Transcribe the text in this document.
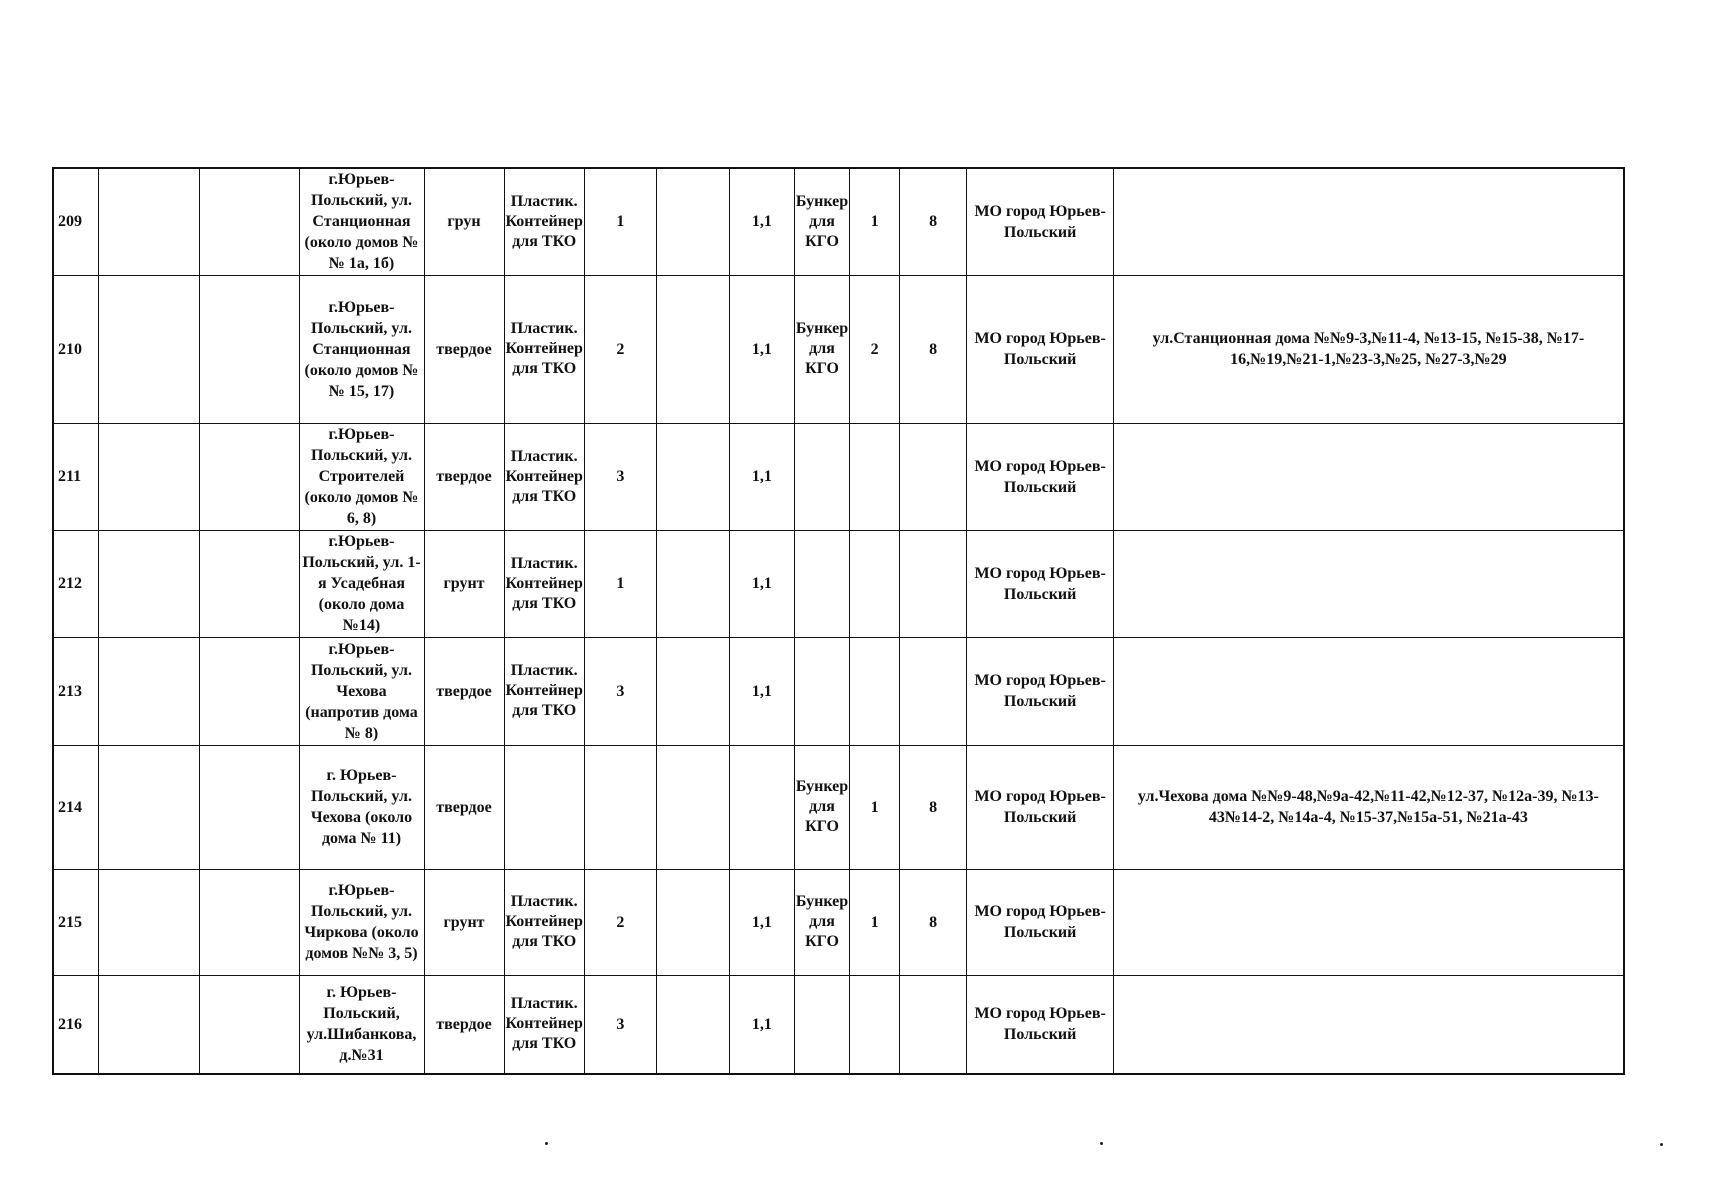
209			г.Юрьев-Польский, ул. Станционная (около домов №№ 1а, 1б)	грун	Пластик. Контейнер для ТКО	1		1,1	Бункер для КГО	1	8	МО город Юрьев-Польский	
210			г.Юрьев-Польский, ул. Станционная (около домов №№ 15, 17)	твердое	Пластик. Контейнер для ТКО	2		1,1	Бункер для КГО	2	8	МО город Юрьев-Польский	ул.Станционная дома №№9-3,№11-4, №13-15, №15-38, №17-16,№19,№21-1,№23-3,№25, №27-3,№29
211			г.Юрьев-Польский, ул. Строителей (около домов № 6, 8)	твердое	Пластик. Контейнер для ТКО	3		1,1				МО город Юрьев-Польский	
212			г.Юрьев-Польский, ул. 1-я Усадебная (около дома №14)	грунт	Пластик. Контейнер для ТКО	1		1,1				МО город Юрьев-Польский	
213			г.Юрьев-Польский, ул. Чехова (напротив дома № 8)	твердое	Пластик. Контейнер для ТКО	3		1,1				МО город Юрьев-Польский	
214			г. Юрьев-Польский, ул. Чехова (около дома № 11)	твердое					Бункер для КГО	1	8	МО город Юрьев-Польский	ул.Чехова дома №№9-48,№9а-42,№11-42,№12-37, №12а-39, №13-43№14-2, №14а-4, №15-37,№15а-51, №21а-43
215			г.Юрьев-Польский, ул. Чиркова (около домов №№ 3, 5)	грунт	Пластик. Контейнер для ТКО	2		1,1	Бункер для КГО	1	8	МО город Юрьев-Польский	
216			г. Юрьев-Польский, ул.Шибанкова, д.№31	твердое	Пластик. Контейнер для ТКО	3		1,1				МО город Юрьев-Польский	
